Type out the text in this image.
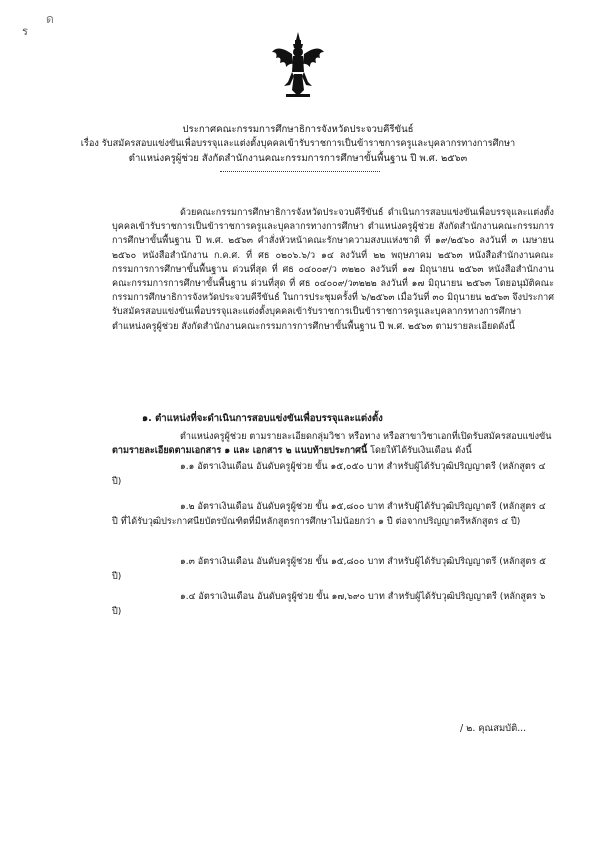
ร
ด
ประกาศคณะกรรมการศึกษาธิการจังหวัดประจวบคีรีขันธ์
เรื่อง รับสมัครสอบแข่งขันเพื่อบรรจุและแต่งตั้งบุคคลเข้ารับราชการเป็นข้าราชการครูและบุคลากรทางการศึกษา
ตำแหน่งครูผู้ช่วย สังกัดสำนักงานคณะกรรมการการศึกษาขั้นพื้นฐาน ปี พ.ศ. ๒๕๖๓
ด้วยคณะกรรมการศึกษาธิการจังหวัดประจวบคีรีขันธ์ ดำเนินการสอบแข่งขันเพื่อบรรจุและแต่งตั้งบุคคลเข้ารับราชการเป็นข้าราชการครูและบุคลากรทางการศึกษา ตำแหน่งครูผู้ช่วย สังกัดสำนักงานคณะกรรมการการศึกษาขั้นพื้นฐาน ปี พ.ศ. ๒๕๖๓ คำสั่งหัวหน้าคณะรักษาความสงบแห่งชาติ ที่ ๑๙/๒๕๖๐ ลงวันที่ ๓ เมษายน ๒๕๖๐ หนังสือสำนักงาน ก.ค.ศ. ที่ ศธ ๐๒๐๖.๖/ว ๑๔ ลงวันที่ ๒๒ พฤษภาคม ๒๕๖๓ หนังสือสำนักงานคณะกรรมการการศึกษาขั้นพื้นฐาน ด่วนที่สุด ที่ ศธ ๐๔๐๐๙/ว ๓๒๒๐ ลงวันที่ ๑๗ มิถุนายน ๒๕๖๓ หนังสือสำนักงานคณะกรรมการการศึกษาขั้นพื้นฐาน ด่วนที่สุด ที่ ศธ ๐๔๐๐๙/ว๓๒๒๒ ลงวันที่ ๑๗ มิถุนายน ๒๕๖๓ โดยอนุมัติคณะกรรมการศึกษาธิการจังหวัดประจวบคีรีขันธ์ ในการประชุมครั้งที่ ๖/๒๕๖๓ เมื่อวันที่ ๓๐ มิถุนายน ๒๕๖๓ จึงประกาศรับสมัครสอบแข่งขันเพื่อบรรจุและแต่งตั้งบุคคลเข้ารับราชการเป็นข้าราชการครูและบุคลากรทางการศึกษา ตำแหน่งครูผู้ช่วย สังกัดสำนักงานคณะกรรมการการศึกษาขั้นพื้นฐาน ปี พ.ศ. ๒๕๖๓ ตามรายละเอียดดังนี้
๑. ตำแหน่งที่จะดำเนินการสอบแข่งขันเพื่อบรรจุและแต่งตั้ง
ตำแหน่งครูผู้ช่วย ตามรายละเอียดกลุ่มวิชา หรือทาง หรือสาขาวิชาเอกที่เปิดรับสมัครสอบแข่งขันตามรายละเอียดตามเอกสาร ๑ และ เอกสาร ๒ แนบท้ายประกาศนี้ โดยให้ได้รับเงินเดือน ดังนี้
๑.๑ อัตราเงินเดือน อันดับครูผู้ช่วย ขั้น ๑๕,๐๕๐ บาท สำหรับผู้ได้รับวุฒิปริญญาตรี (หลักสูตร ๔ ปี)
๑.๒ อัตราเงินเดือน อันดับครูผู้ช่วย ขั้น ๑๕,๘๐๐ บาท สำหรับผู้ได้รับวุฒิปริญญาตรี (หลักสูตร ๔ ปี ที่ได้รับวุฒิประกาศนียบัตรบัณฑิตที่มีหลักสูตรการศึกษาไม่น้อยกว่า ๑ ปี ต่อจากปริญญาตรีหลักสูตร ๔ ปี)
๑.๓ อัตราเงินเดือน อันดับครูผู้ช่วย ขั้น ๑๕,๘๐๐ บาท สำหรับผู้ได้รับวุฒิปริญญาตรี (หลักสูตร ๕ ปี)
๑.๔ อัตราเงินเดือน อันดับครูผู้ช่วย ขั้น ๑๗,๖๙๐ บาท สำหรับผู้ได้รับวุฒิปริญญาตรี (หลักสูตร ๖ ปี)
/ ๒. คุณสมบัติ...
